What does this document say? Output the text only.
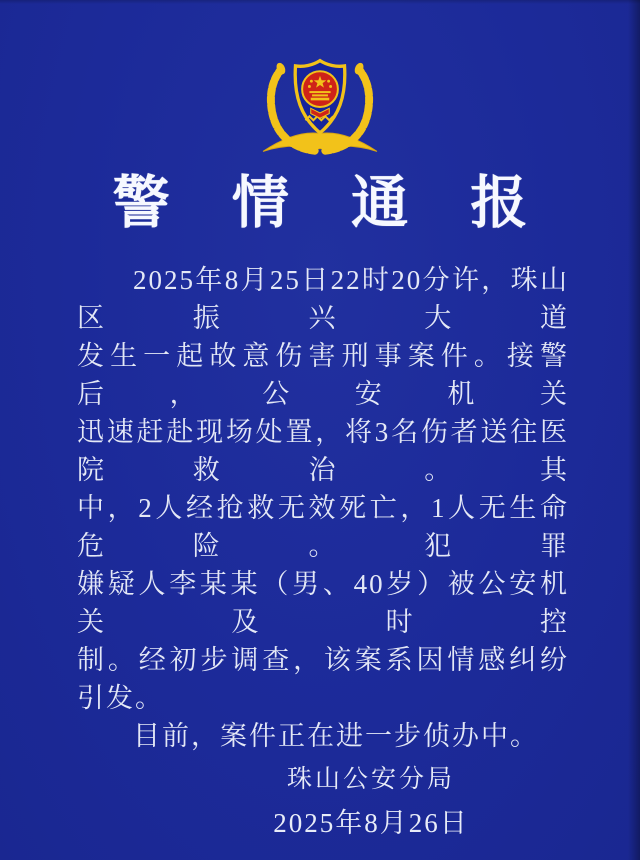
警 情 通 报

2025年8月25日22时20分许，珠山区振兴大道

发生一起故意伤害刑事案件。接警后，公安机关

迅速赶赴现场处置，将3名伤者送往医院救治。其

中，2人经抢救无效死亡，1人无生命危险。犯罪

嫌疑人李某某（男、40岁）被公安机关及时控

制。经初步调查，该案系因情感纠纷引发。

目前，案件正在进一步侦办中。

珠山公安分局

2025年8月26日
